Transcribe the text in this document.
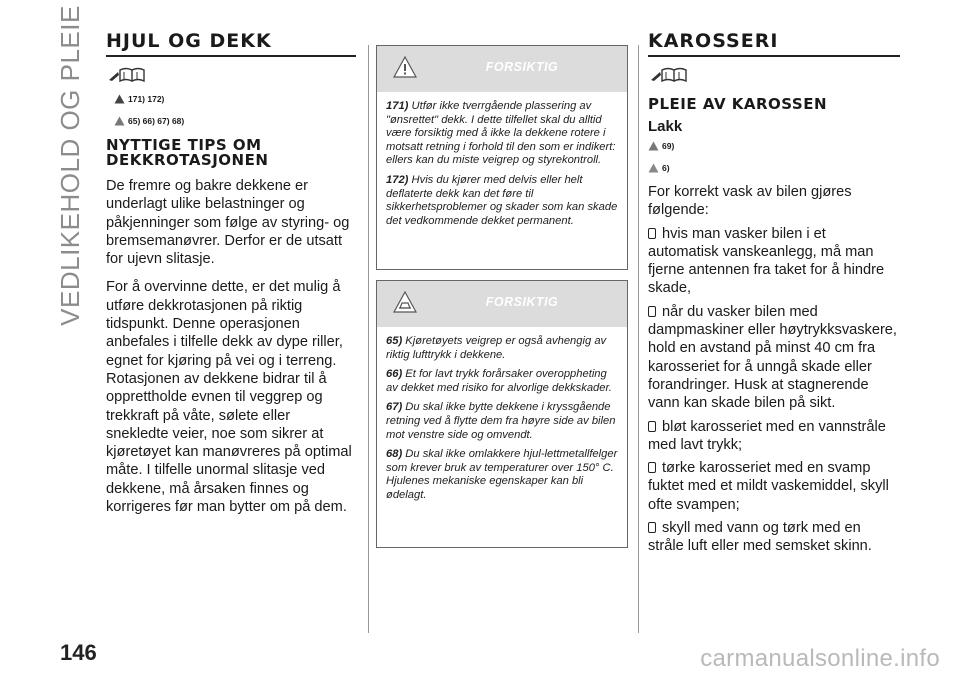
VEDLIKEHOLD OG PLEIE HJUL OG DEKK
171) 172)
65) 66) 67) 68)
NYTTIGE TIPS OM
DEKKROTASJONEN

De fremre og bakre dekkene er underlagt ulike belastninger og påkjenninger som følge av styring- og bremsemanøvrer. Derfor er de utsatt for ujevn slitasje.

For å overvinne dette, er det mulig å utføre dekkrotasjonen på riktig tidspunkt. Denne operasjonen anbefales i tilfelle dekk av dype riller, egnet for kjøring på vei og i terreng. Rotasjonen av dekkene bidrar til å opprettholde evnen til veggrep og trekkraft på våte, sølete eller snekledte veier, noe som sikrer at kjøretøyet kan manøvreres på optimal måte. I tilfelle unormal slitasje ved dekkene, må årsaken finnes og korrigeres før man bytter om på dem.

FORSIKTIG

171) Utfør ikke tverrgående plassering av "ønsrettet" dekk. I dette tilfellet skal du alltid være forsiktig med å ikke la dekkene rotere i motsatt retning i forhold til den som er indikert: ellers kan du miste veigrep og styrekontroll.

172) Hvis du kjører med delvis eller helt deflaterte dekk kan det føre til sikkerhetsproblemer og skader som kan skade det vedkommende dekket permanent.

FORSIKTIG

65) Kjøretøyets veigrep er også avhengig av riktig lufttrykk i dekkene.

66) Et for lavt trykk forårsaker overoppheting av dekket med risiko for alvorlige dekkskader.

67) Du skal ikke bytte dekkene i kryssgående retning ved å flytte dem fra høyre side av bilen mot venstre side og omvendt.

68) Du skal ikke omlakkere hjul-lettmetallfelger som krever bruk av temperaturer over 150° C. Hjulenes mekaniske egenskaper kan bli ødelagt.

KAROSSERI
PLEIE AV KAROSSEN
Lakk
69)
6)

For korrekt vask av bilen gjøres følgende:

hvis man vasker bilen i et automatisk vanskeanlegg, må man fjerne antennen fra taket for å hindre skade,

når du vasker bilen med dampmaskiner eller høytrykksvaskere, hold en avstand på minst 40 cm fra karosseriet for å unngå skade eller forandringer. Husk at stagnerende vann kan skade bilen på sikt.

bløt karosseriet med en vannstråle med lavt trykk;

tørke karosseriet med en svamp fuktet med et mildt vaskemiddel, skyll ofte svampen;

skyll med vann og tørk med en stråle luft eller med semsket skinn.

146	carmanualsonline.info
